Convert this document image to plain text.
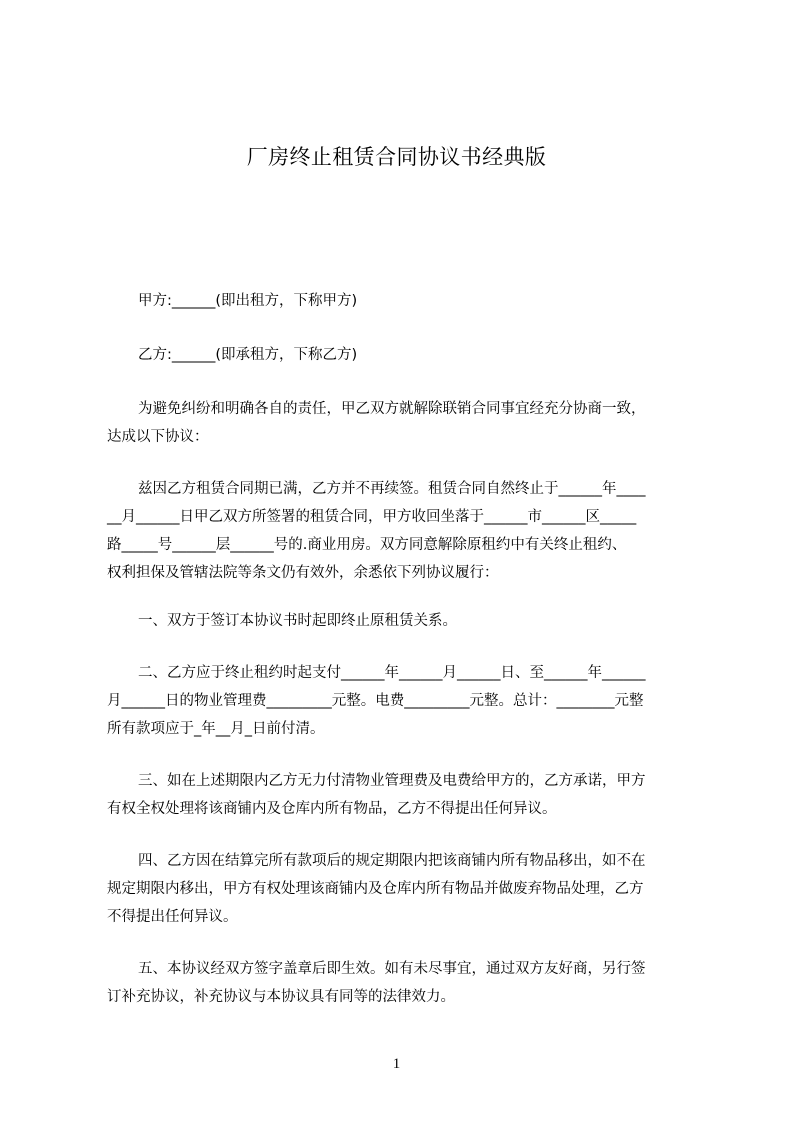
厂房终止租赁合同协议书经典版
甲方:______(即出租方，下称甲方)
乙方:______(即承租方，下称乙方)
为避免纠纷和明确各自的责任，甲乙双方就解除联销合同事宜经充分协商一致，
达成以下协议：
兹因乙方租赁合同期已满，乙方并不再续签。租赁合同自然终止于______年____
__月______日甲乙双方所签署的租赁合同，甲方收回坐落于______市______区_____
路_____号______层______号的.商业用房。双方同意解除原租约中有关终止租约、
权利担保及管辖法院等条文仍有效外，余悉依下列协议履行：
一、双方于签订本协议书时起即终止原租赁关系。
二、乙方应于终止租约时起支付______年______月______日、至______年______
月______日的物业管理费_________元整。电费_________元整。总计：________元整
所有款项应于_年__月_日前付清。
三、如在上述期限内乙方无力付清物业管理费及电费给甲方的，乙方承诺，甲方
有权全权处理将该商铺内及仓库内所有物品，乙方不得提出任何异议。
四、乙方因在结算完所有款项后的规定期限内把该商铺内所有物品移出，如不在
规定期限内移出，甲方有权处理该商铺内及仓库内所有物品并做废弃物品处理，乙方
不得提出任何异议。
五、本协议经双方签字盖章后即生效。如有未尽事宜，通过双方友好商，另行签
订补充协议，补充协议与本协议具有同等的法律效力。
1
